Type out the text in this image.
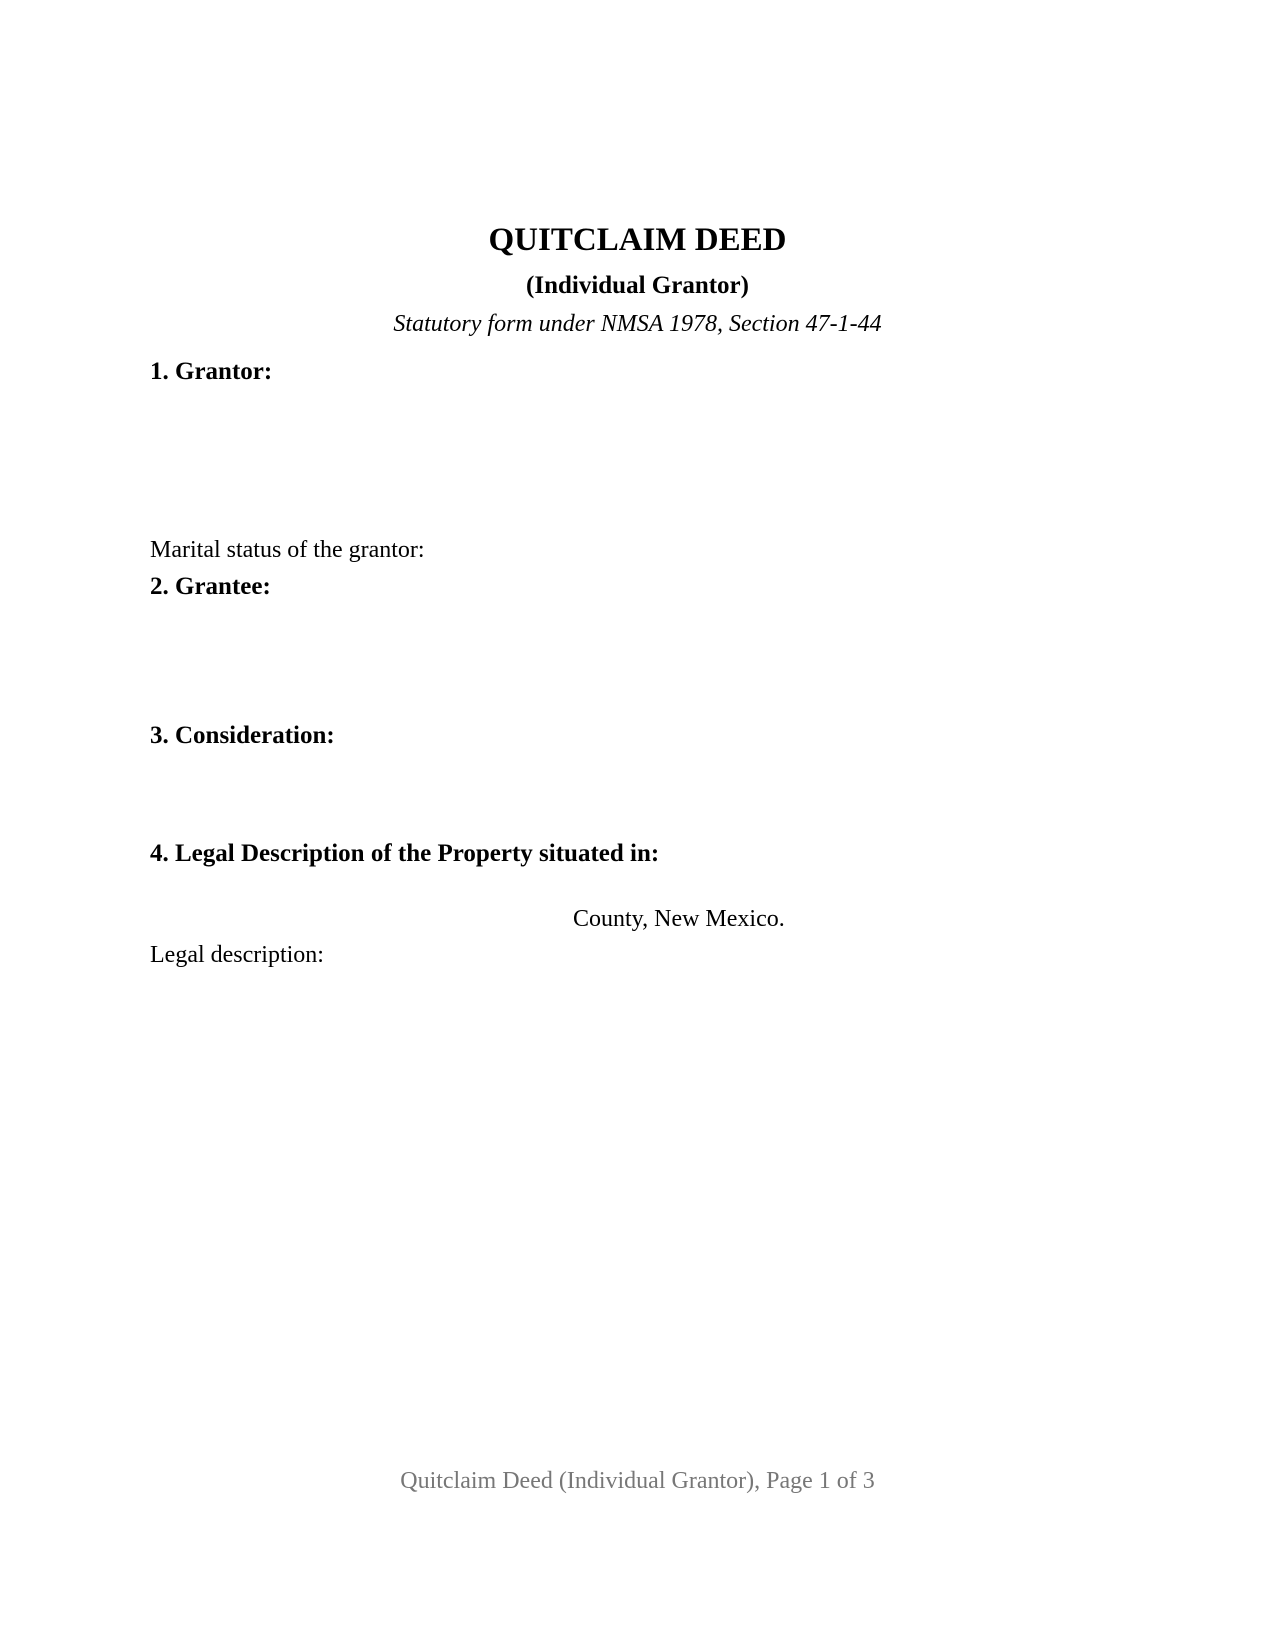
QUITCLAIM DEED
(Individual Grantor)
Statutory form under NMSA 1978, Section 47-1-44
1. Grantor:
Marital status of the grantor:
2. Grantee:
3. Consideration:
4. Legal Description of the Property situated in:
County, New Mexico.
Legal description:
Quitclaim Deed (Individual Grantor), Page 1 of 3
